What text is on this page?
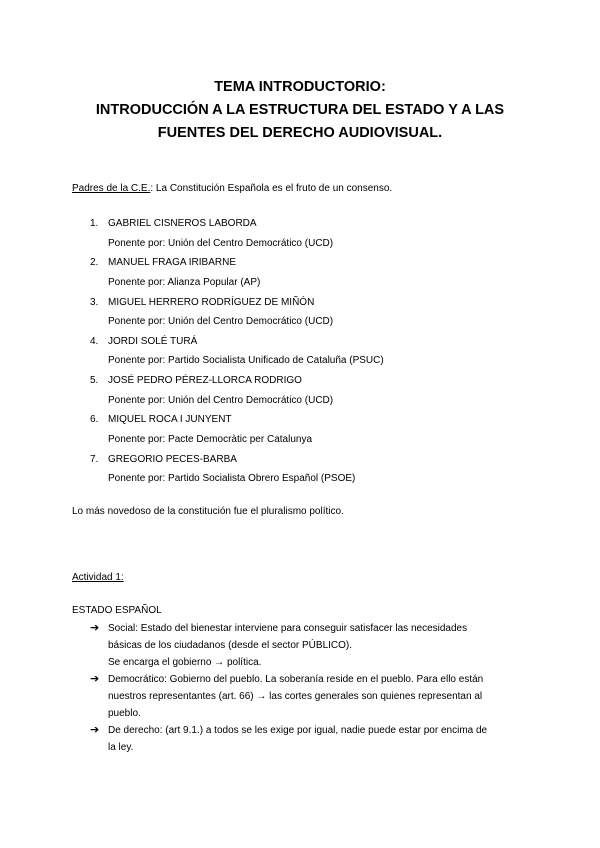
TEMA INTRODUCTORIO:
INTRODUCCIÓN A LA ESTRUCTURA DEL ESTADO Y A LAS
FUENTES DEL DERECHO AUDIOVISUAL.
Padres de la C.E.: La Constitución Española es el fruto de un consenso.
1. GABRIEL CISNEROS LABORDA
Ponente por: Unión del Centro Democrático (UCD)
2. MANUEL FRAGA IRIBARNE
Ponente por: Alianza Popular (AP)
3. MIGUEL HERRERO RODRÍGUEZ DE MIÑÓN
Ponente por: Unión del Centro Democrático (UCD)
4. JORDI SOLÉ TURÁ
Ponente por: Partido Socialista Unificado de Cataluña (PSUC)
5. JOSÉ PEDRO PÉREZ-LLORCA RODRIGO
Ponente por: Unión del Centro Democrático (UCD)
6. MIQUEL ROCA I JUNYENT
Ponente por: Pacte Democràtic per Catalunya
7. GREGORIO PECES-BARBA
Ponente por: Partido Socialista Obrero Español (PSOE)
Lo más novedoso de la constitución fue el pluralismo político.
Actividad 1:
ESTADO ESPAÑOL
➔ Social: Estado del bienestar interviene para conseguir satisfacer las necesidades
básicas de los ciudadanos (desde el sector PÚBLICO).
Se encarga el gobierno → política.
➔ Democrático: Gobierno del pueblo. La soberanía reside en el pueblo. Para ello están
nuestros representantes (art. 66) → las cortes generales son quienes representan al
pueblo.
➔ De derecho: (art 9.1.) a todos se les exige por igual, nadie puede estar por encima de
la ley.
